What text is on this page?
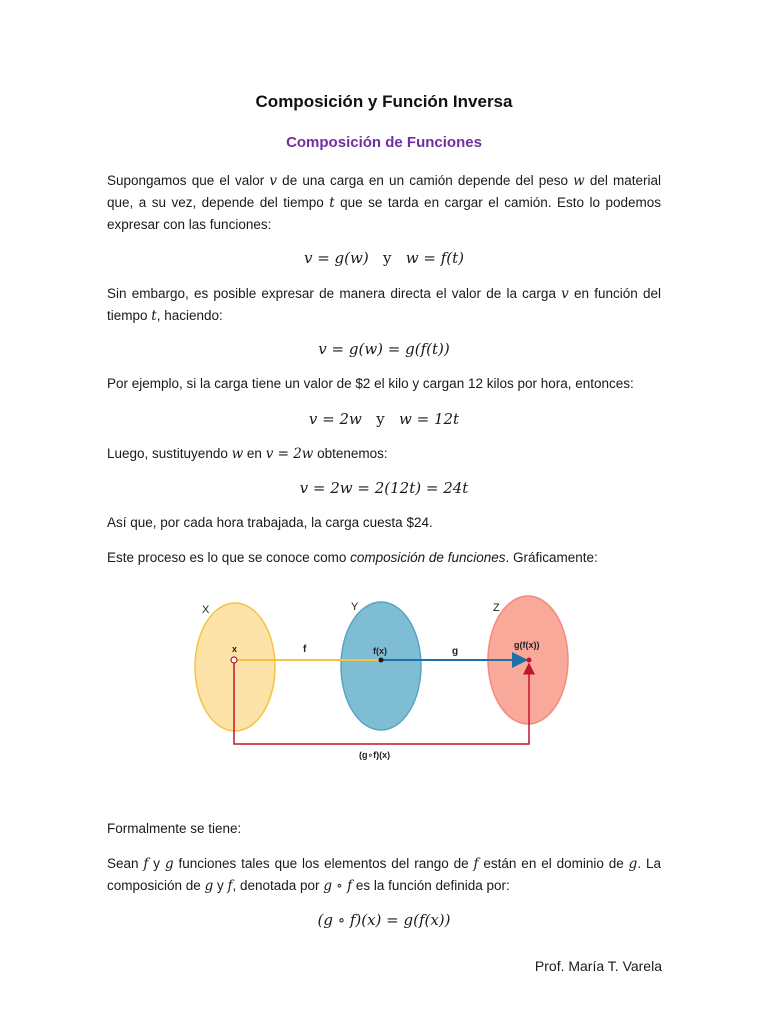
Composición y Función Inversa
Composición de Funciones

Supongamos que el valor v de una carga en un camión depende del peso w del material que, a su vez, depende del tiempo t que se tarda en cargar el camión. Esto lo podemos expresar con las funciones:

v = g(w) y w = f(t)

Sin embargo, es posible expresar de manera directa el valor de la carga v en función del tiempo t, haciendo:

v = g(w) = g(f(t))

Por ejemplo, si la carga tiene un valor de $2 el kilo y cargan 12 kilos por hora, entonces:

v = 2w y w = 12t

Luego, sustituyendo w en v = 2w obtenemos:

v = 2w = 2(12t) = 24t

Así que, por cada hora trabajada, la carga cuesta $24.

Este proceso es lo que se conoce como composición de funciones. Gráficamente:

X	Y	Z
x	f(x)
g(f(x))
f	g
(g∘f)(x)

Formalmente se tiene:

Sean f y g funciones tales que los elementos del rango de f están en el dominio de g. La composición de g y f, denotada por g ∘ f es la función definida por:

(g ∘ f)(x) = g(f(x))
Prof. María T. Varela
